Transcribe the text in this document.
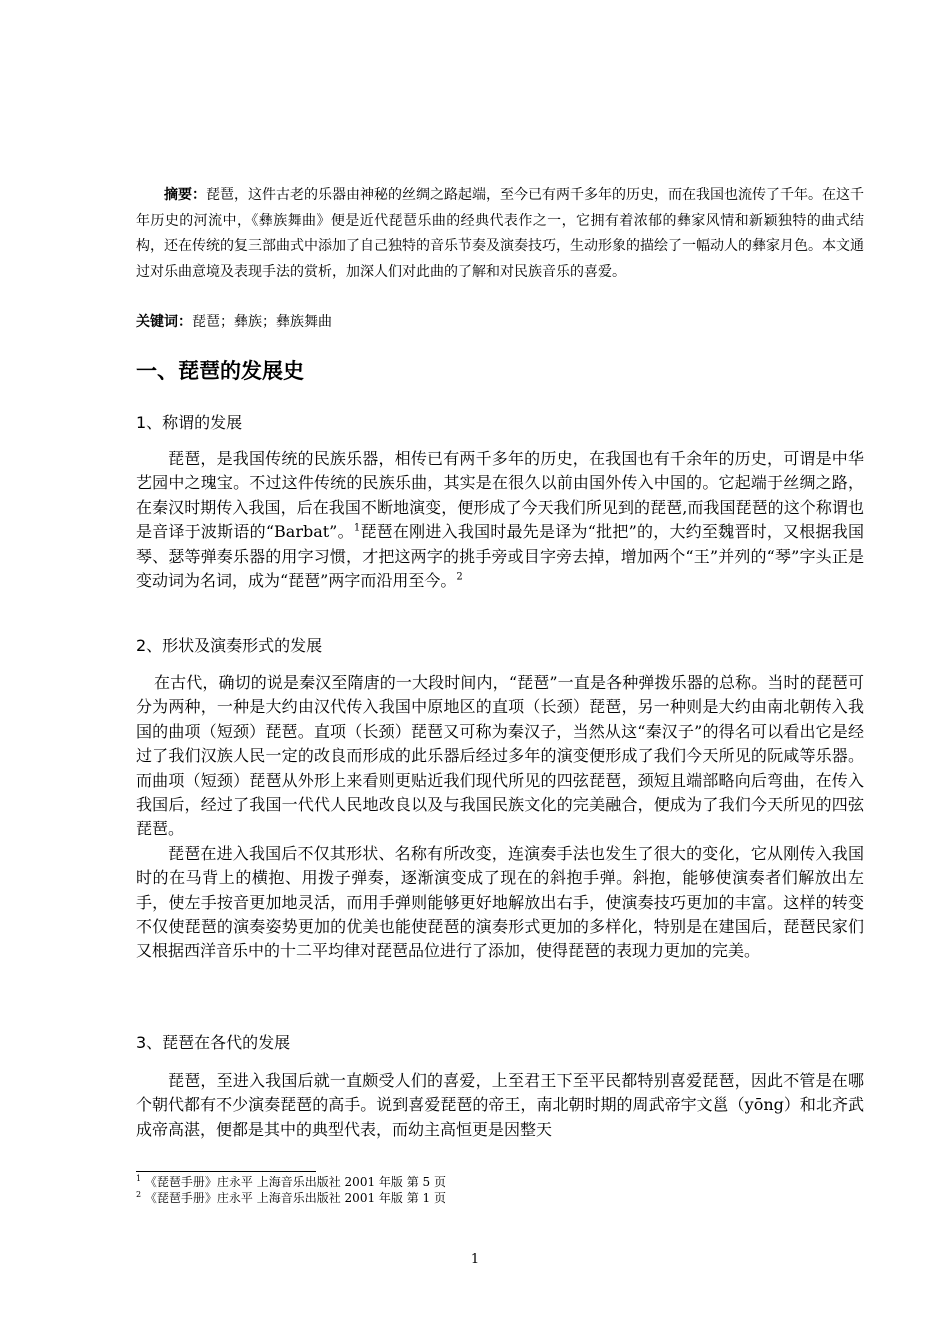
摘要：琵琶，这件古老的乐器由神秘的丝绸之路起端，至今已有两千多年的历史，而在我国也流传了千年。在这千年历史的河流中，《彝族舞曲》便是近代琵琶乐曲的经典代表作之一，它拥有着浓郁的彝家风情和新颖独特的曲式结构，还在传统的复三部曲式中添加了自己独特的音乐节奏及演奏技巧，生动形象的描绘了一幅动人的彝家月色。本文通过对乐曲意境及表现手法的赏析，加深人们对此曲的了解和对民族音乐的喜爱。
关键词：琵琶；彝族；彝族舞曲
一、琵琶的发展史
1、称谓的发展

琵琶，是我国传统的民族乐器，相传已有两千多年的历史，在我国也有千余年的历史，可谓是中华艺园中之瑰宝。不过这件传统的民族乐曲，其实是在很久以前由国外传入中国的。它起端于丝绸之路，在秦汉时期传入我国，后在我国不断地演变，便形成了今天我们所见到的琵琶,而我国琵琶的这个称谓也是音译于波斯语的“Barbat”。$^1$琵琶在刚进入我国时最先是译为“批把”的，大约至魏晋时，又根据我国琴、瑟等弹奏乐器的用字习惯，才把这两字的挑手旁或目字旁去掉，增加两个“王”并列的“琴”字头正是变动词为名词，成为“琵琶”两字而沿用至今。$^2$

2、形状及演奏形式的发展

在古代，确切的说是秦汉至隋唐的一大段时间内，“琵琶”一直是各种弹拨乐器的总称。当时的琵琶可分为两种，一种是大约由汉代传入我国中原地区的直项（长颈）琵琶，另一种则是大约由南北朝传入我国的曲项（短颈）琵琶。直项（长颈）琵琶又可称为秦汉子，当然从这“秦汉子”的得名可以看出它是经过了我们汉族人民一定的改良而形成的此乐器后经过多年的演变便形成了我们今天所见的阮咸等乐器。而曲项（短颈）琵琶从外形上来看则更贴近我们现代所见的四弦琵琶，颈短且端部略向后弯曲，在传入我国后，经过了我国一代代人民地改良以及与我国民族文化的完美融合，便成为了我们今天所见的四弦琵琶。

琵琶在进入我国后不仅其形状、名称有所改变，连演奏手法也发生了很大的变化，它从刚传入我国时的在马背上的横抱、用拨子弹奏，逐渐演变成了现在的斜抱手弹。斜抱，能够使演奏者们解放出左手，使左手按音更加地灵活，而用手弹则能够更好地解放出右手，使演奏技巧更加的丰富。这样的转变不仅使琵琶的演奏姿势更加的优美也能使琵琶的演奏形式更加的多样化，特别是在建国后，琵琶民家们又根据西洋音乐中的十二平均律对琵琶品位进行了添加，使得琵琶的表现力更加的完美。

3、琵琶在各代的发展

琵琶，至进入我国后就一直颇受人们的喜爱，上至君王下至平民都特别喜爱琵琶，因此不管是在哪个朝代都有不少演奏琵琶的高手。说到喜爱琵琶的帝王，南北朝时期的周武帝宇文邕（yōng）和北齐武成帝高湛，便都是其中的典型代表，而幼主高恒更是因整天

$^1$ 《琵琶手册》庄永平 上海音乐出版社 2001 年版 第 5 页
$^2$ 《琵琶手册》庄永平 上海音乐出版社 2001 年版 第 1 页
1
